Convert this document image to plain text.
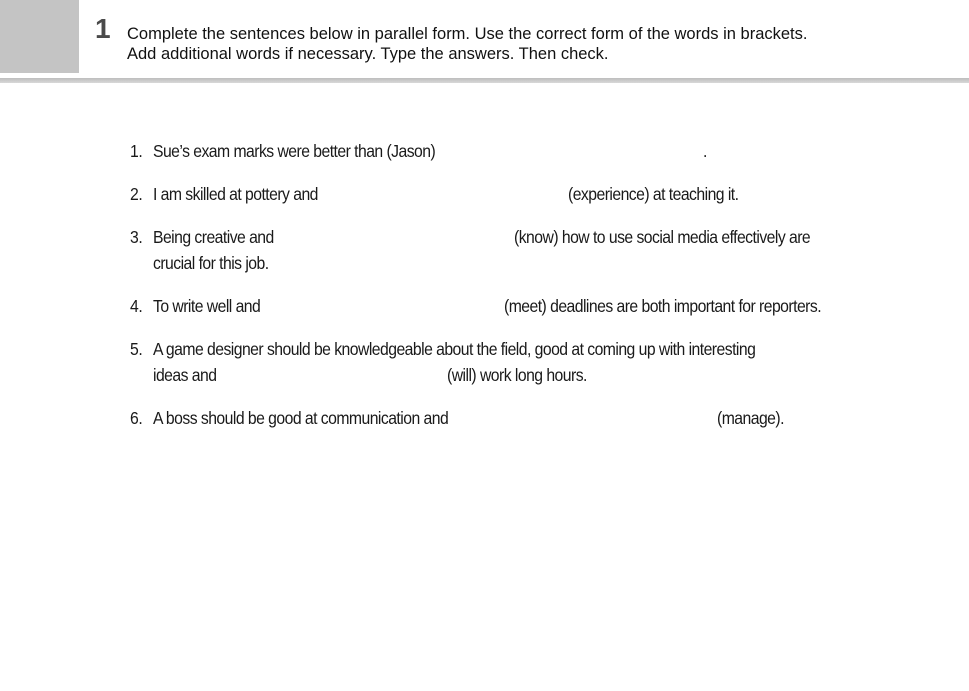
1 Complete the sentences below in parallel form. Use the correct form of the words in brackets.
Add additional words if necessary. Type the answers. Then check.
1. Sue’s exam marks were better than (Jason)	.
2. I am skilled at pottery and	(experience) at teaching it.
3. Being creative and	(know) how to use social media effectively are
crucial for this job.
4. To write well and	(meet) deadlines are both important for reporters.
5. A game designer should be knowledgeable about the field, good at coming up with interesting
ideas and	(will) work long hours.
6. A boss should be good at communication and	(manage).
